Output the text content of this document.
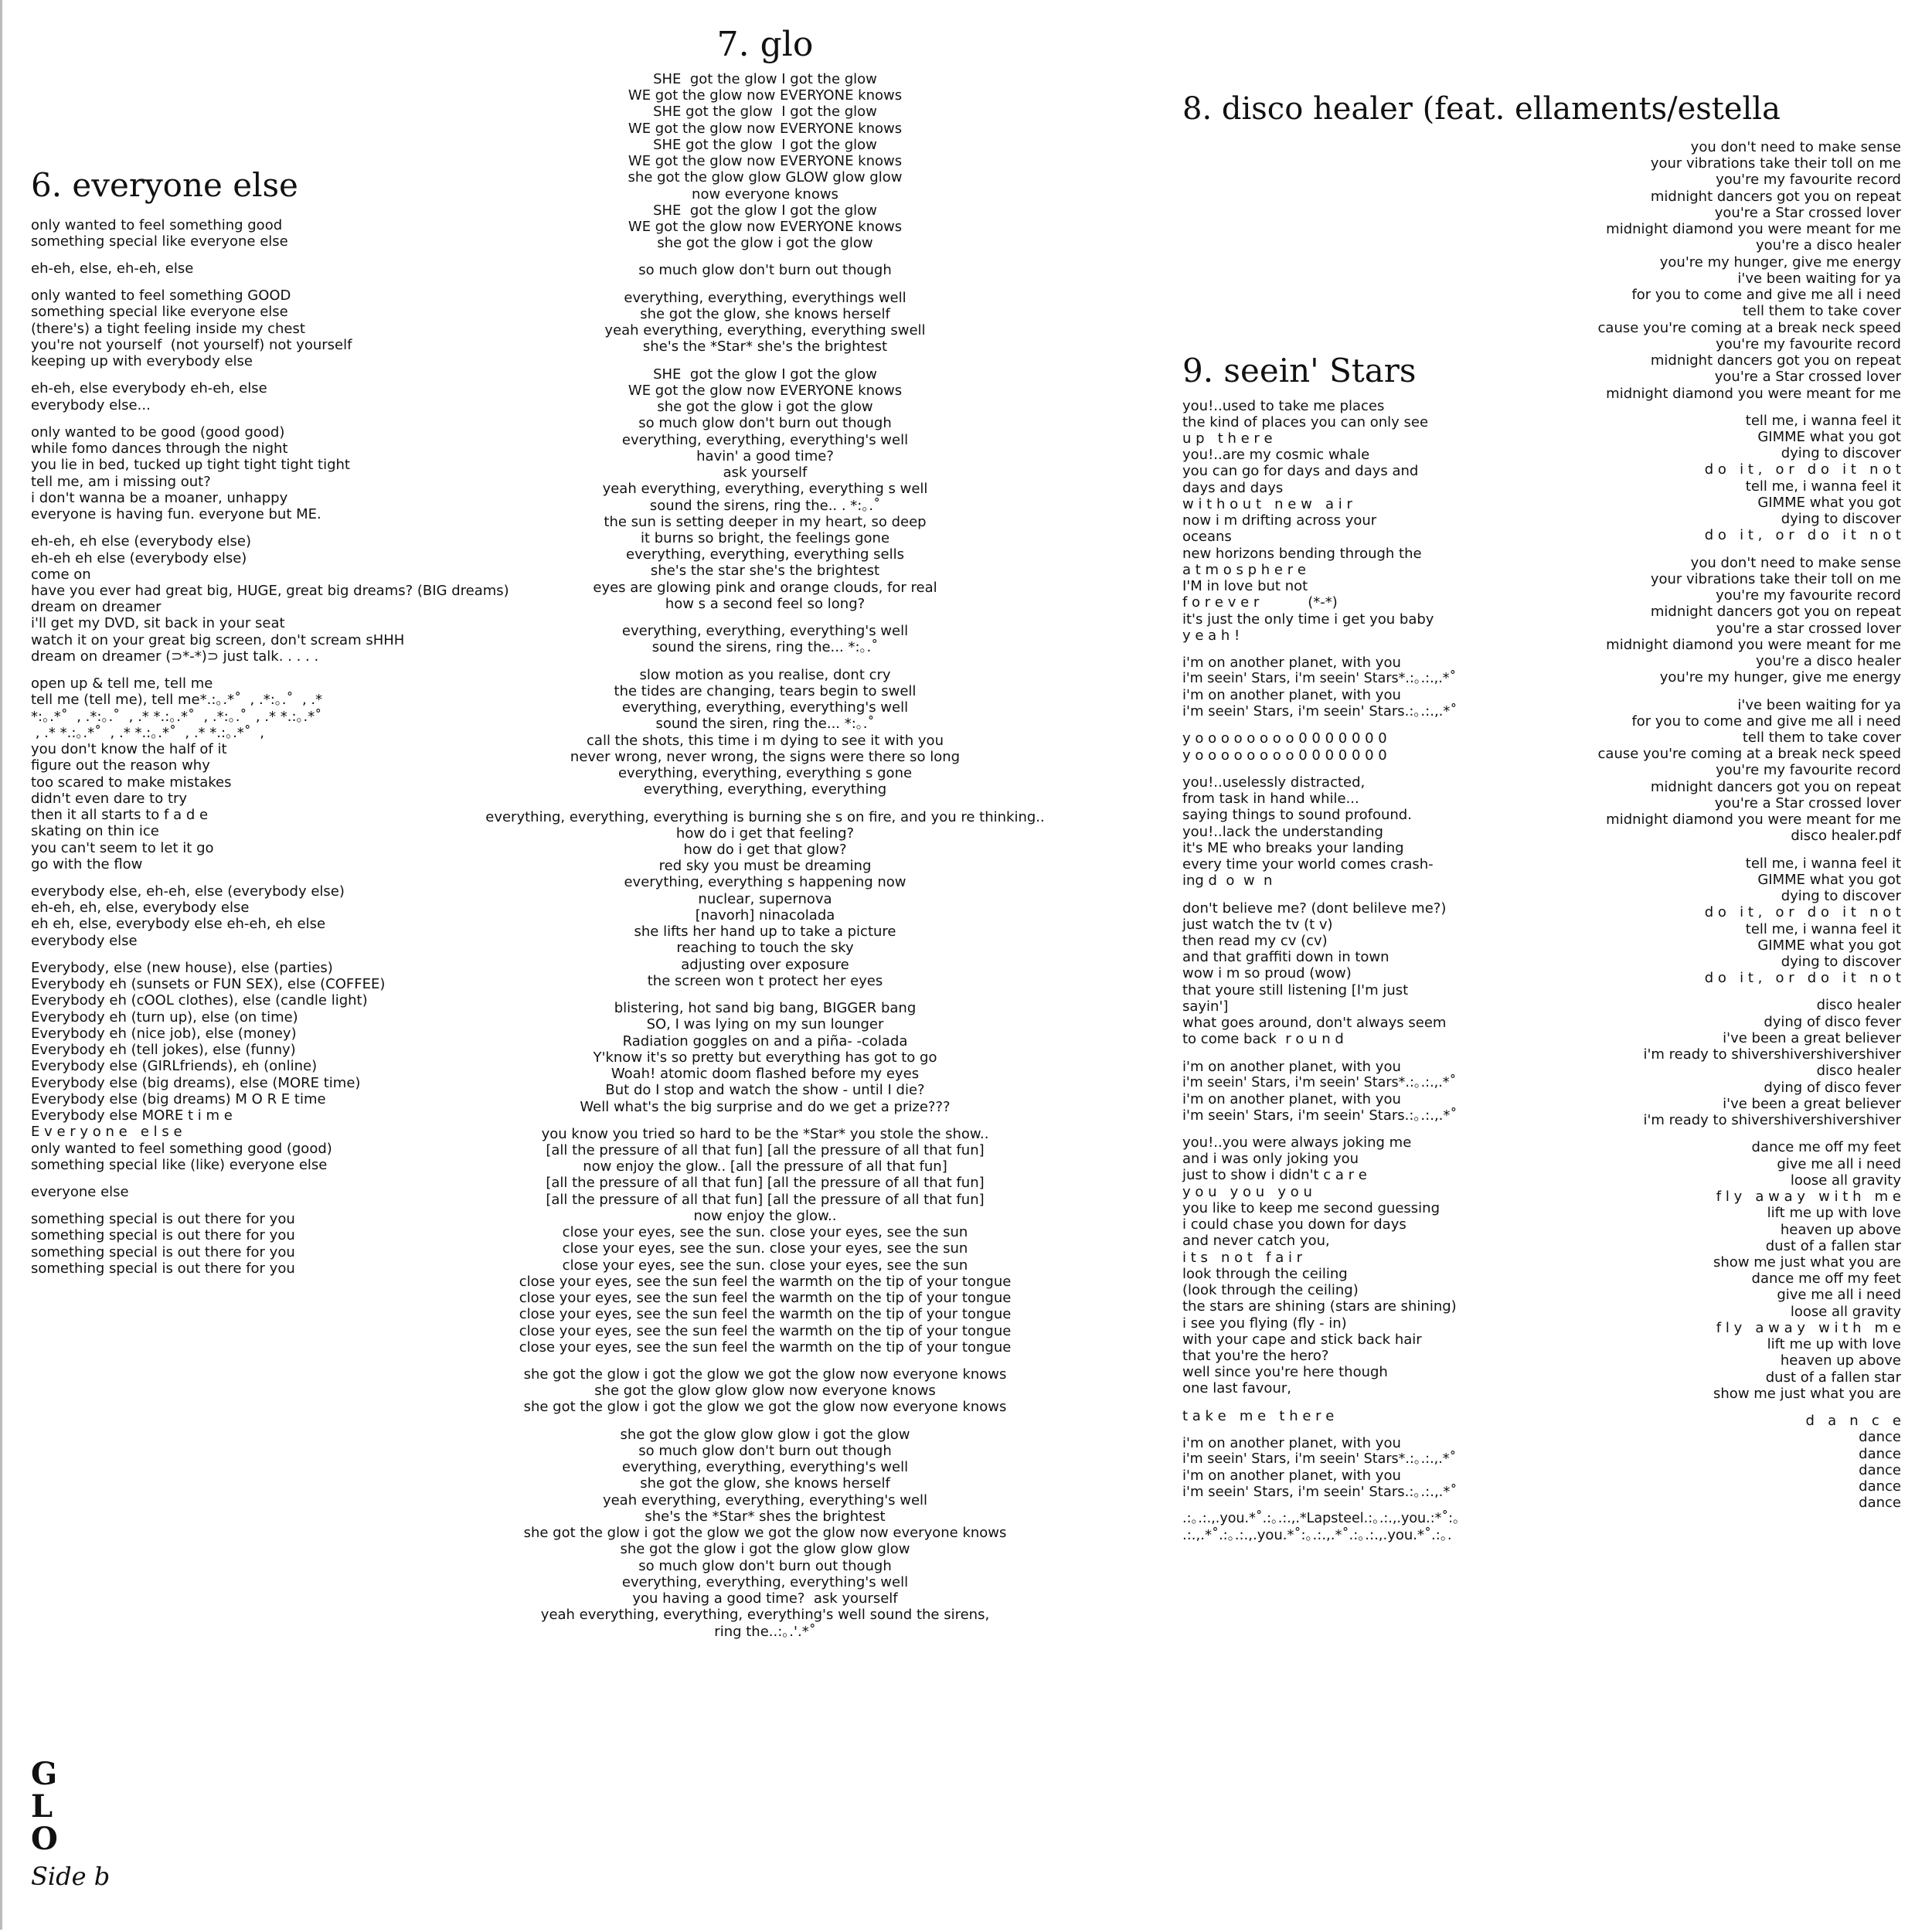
6. everyone else
only wanted to feel something good
something special like everyone else
eh-eh, else, eh-eh, else
only wanted to feel something GOOD
something special like everyone else
(there's) a tight feeling inside my chest
you're not yourself  (not yourself) not yourself
keeping up with everybody else
eh-eh, else everybody eh-eh, else
everybody else...
only wanted to be good (good good)
while fomo dances through the night
you lie in bed, tucked up tight tight tight tight
tell me, am i missing out?
i don't wanna be a moaner, unhappy
everyone is having fun. everyone but ME.
eh-eh, eh else (everybody else)
eh-eh eh else (everybody else)
come on
have you ever had great big, HUGE, great big dreams? (BIG dreams)
dream on dreamer
i'll get my DVD, sit back in your seat
watch it on your great big screen, don't scream sHHH
dream on dreamer (⊃*-*)⊃ just talk. . . . .
open up & tell me, tell me
tell me (tell me), tell me*.:｡.*˚  , .*:｡.˚  , .*
*:｡.*˚  , .*:｡.˚  , .* *.:｡.*˚  , .*:｡.˚  , .* *.:｡.*˚
, .* *.:｡.*˚  , .* *.:｡.*˚  , .* *.:｡.*˚  ,
you don't know the half of it
figure out the reason why
too scared to make mistakes
didn't even dare to try
then it all starts to f a d e
skating on thin ice
you can't seem to let it go
go with the flow
everybody else, eh-eh, else (everybody else)
eh-eh, eh, else, everybody else
eh eh, else, everybody else eh-eh, eh else
everybody else
Everybody, else (new house), else (parties)
Everybody eh (sunsets or FUN SEX), else (COFFEE)
Everybody eh (cOOL clothes), else (candle light)
Everybody eh (turn up), else (on time)
Everybody eh (nice job), else (money)
Everybody eh (tell jokes), else (funny)
Everybody else (GIRLfriends), eh (online)
Everybody else (big dreams), else (MORE time)
Everybody else (big dreams) M O R E time
Everybody else MORE t i m e
E v e r y o n e   e l s e
only wanted to feel something good (good)
something special like (like) everyone else
everyone else
something special is out there for you
something special is out there for you
something special is out there for you
something special is out there for you
7. glo
SHE  got the glow I got the glow
WE got the glow now EVERYONE knows
SHE got the glow  I got the glow
WE got the glow now EVERYONE knows
SHE got the glow  I got the glow
WE got the glow now EVERYONE knows
she got the glow glow GLOW glow glow
now everyone knows
SHE  got the glow I got the glow
WE got the glow now EVERYONE knows
she got the glow i got the glow
so much glow don't burn out though
everything, everything, everythings well
she got the glow, she knows herself
yeah everything, everything, everything swell
she's the *Star* she's the brightest
SHE  got the glow I got the glow
WE got the glow now EVERYONE knows
she got the glow i got the glow
so much glow don't burn out though
everything, everything, everything's well
havin' a good time?
ask yourself
yeah everything, everything, everything s well
sound the sirens, ring the.. . *:｡.˚
the sun is setting deeper in my heart, so deep
it burns so bright, the feelings gone
everything, everything, everything sells
she's the star she's the brightest
eyes are glowing pink and orange clouds, for real
how s a second feel so long?
everything, everything, everything's well
sound the sirens, ring the... *:｡.˚
slow motion as you realise, dont cry
the tides are changing, tears begin to swell
everything, everything, everything's well
sound the siren, ring the... *:｡.˚
call the shots, this time i m dying to see it with you
never wrong, never wrong, the signs were there so long
everything, everything, everything s gone
everything, everything, everything
everything, everything, everything is burning she s on fire, and you re thinking..
how do i get that feeling?
how do i get that glow?
red sky you must be dreaming
everything, everything s happening now
nuclear, supernova
[navorh] ninacolada
she lifts her hand up to take a picture
reaching to touch the sky
adjusting over exposure
the screen won t protect her eyes
blistering, hot sand big bang, BIGGER bang
SO, I was lying on my sun lounger
Radiation goggles on and a piña- -colada
Y'know it's so pretty but everything has got to go
Woah! atomic doom flashed before my eyes
But do I stop and watch the show - until I die?
Well what's the big surprise and do we get a prize???
you know you tried so hard to be the *Star* you stole the show..
[all the pressure of all that fun] [all the pressure of all that fun]
now enjoy the glow.. [all the pressure of all that fun]
[all the pressure of all that fun] [all the pressure of all that fun]
[all the pressure of all that fun] [all the pressure of all that fun]
now enjoy the glow..
close your eyes, see the sun. close your eyes, see the sun
close your eyes, see the sun. close your eyes, see the sun
close your eyes, see the sun. close your eyes, see the sun
close your eyes, see the sun feel the warmth on the tip of your tongue
close your eyes, see the sun feel the warmth on the tip of your tongue
close your eyes, see the sun feel the warmth on the tip of your tongue
close your eyes, see the sun feel the warmth on the tip of your tongue
close your eyes, see the sun feel the warmth on the tip of your tongue
she got the glow i got the glow we got the glow now everyone knows
she got the glow glow glow now everyone knows
she got the glow i got the glow we got the glow now everyone knows
she got the glow glow glow i got the glow
so much glow don't burn out though
everything, everything, everything's well
she got the glow, she knows herself
yeah everything, everything, everything's well
she's the *Star* shes the brightest
she got the glow i got the glow we got the glow now everyone knows
she got the glow i got the glow glow glow
so much glow don't burn out though
everything, everything, everything's well
you having a good time?  ask yourself
yeah everything, everything, everything's well sound the sirens,
ring the..:｡.'.*˚
8. disco healer (feat. ellaments/estella
you don't need to make sense
your vibrations take their toll on me
you're my favourite record
midnight dancers got you on repeat
you're a Star crossed lover
midnight diamond you were meant for me
you're a disco healer
you're my hunger, give me energy
i've been waiting for ya
for you to come and give me all i need
tell them to take cover
cause you're coming at a break neck speed
you're my favourite record
midnight dancers got you on repeat
you're a Star crossed lover
midnight diamond you were meant for me
tell me, i wanna feel it
GIMME what you got
dying to discover
d o   i t ,   o r   d o   i t   n o t
tell me, i wanna feel it
GIMME what you got
dying to discover
d o   i t ,   o r   d o   i t   n o t
you don't need to make sense
your vibrations take their toll on me
you're my favourite record
midnight dancers got you on repeat
you're a star crossed lover
midnight diamond you were meant for me
you're a disco healer
you're my hunger, give me energy
i've been waiting for ya
for you to come and give me all i need
tell them to take cover
cause you're coming at a break neck speed
you're my favourite record
midnight dancers got you on repeat
you're a Star crossed lover
midnight diamond you were meant for me
disco healer.pdf
tell me, i wanna feel it
GIMME what you got
dying to discover
d o   i t ,   o r   d o   i t   n o t
tell me, i wanna feel it
GIMME what you got
dying to discover
d o   i t ,   o r   d o   i t   n o t
disco healer
dying of disco fever
i've been a great believer
i'm ready to shivershivershivershiver
disco healer
dying of disco fever
i've been a great believer
i'm ready to shivershivershivershiver
dance me off my feet
give me all i need
loose all gravity
f l y   a w a y   w i t h   m e
lift me up with love
heaven up above
dust of a fallen star
show me just what you are
dance me off my feet
give me all i need
loose all gravity
f l y   a w a y   w i t h   m e
lift me up with love
heaven up above
dust of a fallen star
show me just what you are
d   a   n   c   e
dance
dance
dance
dance
dance
9. seein' Stars
you!..used to take me places
the kind of places you can only see
u p   t h e r e
you!..are my cosmic whale
you can go for days and days and
days and days
w i t h o u t   n e w   a i r
now i m drifting across your
oceans
new horizons bending through the
a t m o s p h e r e
I'M in love but not
f o r e v e r           (*-*)
it's just the only time i get you baby
y e a h !
i'm on another planet, with you
i'm seein' Stars, i'm seein' Stars*.:｡.:.,.*˚
i'm on another planet, with you
i'm seein' Stars, i'm seein' Stars.:｡.:.,.*˚
y o o o o o o o o 0 0 0 0 0 0 0
y o o o o o o o o 0 0 0 0 0 0 0
you!..uselessly distracted,
from task in hand while...
saying things to sound profound.
you!..lack the understanding
it's ME who breaks your landing
every time your world comes crash-
ing d  o  w  n
don't believe me? (dont belileve me?)
just watch the tv (t v)
then read my cv (cv)
and that graffiti down in town
wow i m so proud (wow)
that youre still listening [I'm just
sayin']
what goes around, don't always seem
to come back  r o u n d
i'm on another planet, with you
i'm seein' Stars, i'm seein' Stars*.:｡.:.,.*˚
i'm on another planet, with you
i'm seein' Stars, i'm seein' Stars.:｡.:.,.*˚
you!..you were always joking me
and i was only joking you
just to show i didn't c a r e
y o u   y o u   y o u
you like to keep me second guessing
i could chase you down for days
and never catch you,
i t s   n o t   f a i r
look through the ceiling
(look through the ceiling)
the stars are shining (stars are shining)
i see you flying (fly - in)
with your cape and stick back hair
that you're the hero?
well since you're here though
one last favour,
t a k e   m e   t h e r e
i'm on another planet, with you
i'm seein' Stars, i'm seein' Stars*.:｡.:.,.*˚
i'm on another planet, with you
i'm seein' Stars, i'm seein' Stars.:｡.:.,.*˚
.:｡.:.,.you.*˚.:｡.:.,.*Lapsteel.:｡.:.,.you.:*˚:｡
.:.,.*˚.:｡.:.,.you.*˚:｡.:.,.*˚.:｡.:.,.you.*˚.:｡.
G
L
O
Side b
